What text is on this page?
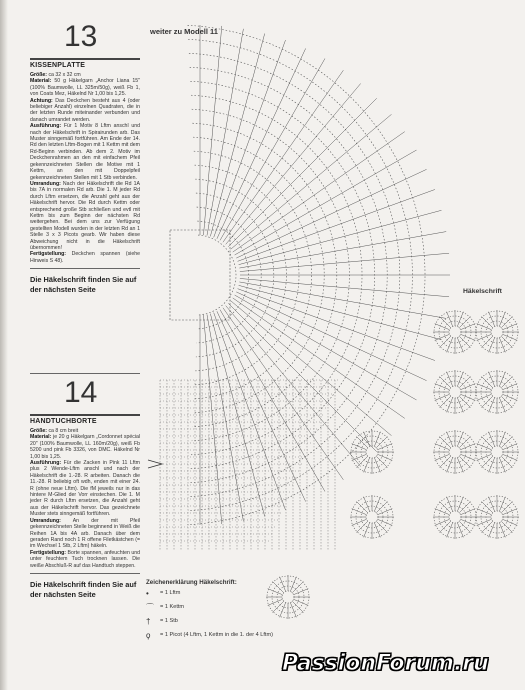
weiter zu Modell 11
13
KISSENPLATTE
Größe: ca 32 x 32 cm
Material: 50 g Häkelgarn „Anchor Liana 15" (100% Baumwolle, LL 325m/50g), weiß Fb 1, von Coats Mez, Häkelnd Nr 1,00 bis 1,25.
Achtung: Das Deckchen besteht aus 4 (oder beliebiger Anzahl) einzelnen Quadraten, die in der letzten Runde miteinander verbunden und danach umrandet werden.
Ausführung: Für 1 Motiv 8 Lftm anschl und nach der Häkelschrift in Spirairunden arb. Das Muster sinngemäß fortführen. Am Ende der 14. Rd den letzten Lftm-Bogen mit 1 Kettm mit dem Rd-Beginn verbinden. Ab dem 2. Motiv im Deckchenrahmen an den mit einfachem Pfeil gekennzeichneten Stellen die Motive mit 1 Kettm, an den mit Doppelpfeil gekennzeichneten Stellen mit 1 Stb verbinden.
Umrandung: Nach der Häkelschrift die Rd 1A bis 7A in normalen Rd arb. Die 1. M jeder Rd durch Lftm ersetzen, die Anzahl geht aus der Häkelschrift hervor. Die Rd durch Kettm oder entsprechend große Stb schließen und evtl mit Kettm bis zum Beginn der nächsten Rd weitergehen. Bei dem uns zur Verfügung gestellten Modell wurden in der letzten Rd an 1 Stelle 3 x 3 Picots gearb. Wir haben diese Abweichung nicht in die Häkelschrift übernommen!
Fertigstellung: Deckchen spannen (siehe Hinweis S 48).
Die Häkelschrift finden Sie auf der nächsten Seite
14
HANDTUCHBORTE
Größe: ca 8 cm breit
Material: je 20 g Häkelgarn „Cordonnet spécial 20" (100% Baumwolle, LL 160m/20g), weiß Fb 5200 und pink Fb 3326, von DMC. Häkelnd Nr 1,00 bis 1,25.
Ausführung: Für die Zacken in Pink 11 Lftm plus 2 Wende-Lftm anschl und nach der Häkelschrift die 1.-28. R arbeiten. Danach die 11.-28. R beliebig oft wdh, enden mit einer 24. R (ohne neue Lftm). Die fM jeweils nur in das hintere M-Glied der Vorr einstechen. Die 1. M jeder R durch Lftm ersetzen, die Anzahl geht aus der Häkelschrift hervor. Das gezeichnete Muster stets sinngemäß fortführen.
Umrandung: An der mit Pfeil gekennzeichneten Stelle beginnend in Weiß die Reihen 1A bis 4A arb. Danach über dem geraden Rand noch 1 R offene Filetkästchen (= im Wechsel 1 Stb, 2 Lftm) häkeln.
Fertigstellung: Borte spannen, anfeuchten und unter feuchtem Tuch trocknen lassen. Die weiße Abschluß-R auf das Handtuch steppen.
Die Häkelschrift finden Sie auf der nächsten Seite
Häkelschrift
Zeichenerklärung Häkelschrift:
•	= 1 Lftm
⌒	= 1 Kettm
†	= 1 Stb
ϙ	= 1 Picot (4 Lftm, 1 Kettm in die 1. der 4 Lftm)
PassionForum.ru
